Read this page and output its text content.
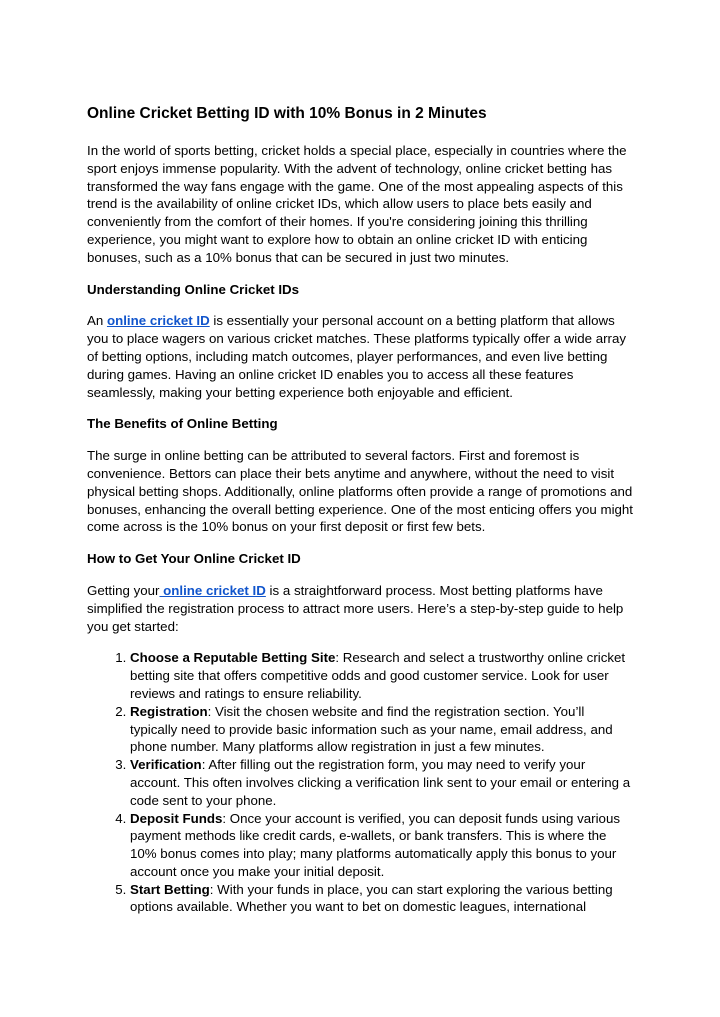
Online Cricket Betting ID with 10% Bonus in 2 Minutes

In the world of sports betting, cricket holds a special place, especially in countries where the sport enjoys immense popularity. With the advent of technology, online cricket betting has transformed the way fans engage with the game. One of the most appealing aspects of this trend is the availability of online cricket IDs, which allow users to place bets easily and conveniently from the comfort of their homes. If you're considering joining this thrilling experience, you might want to explore how to obtain an online cricket ID with enticing bonuses, such as a 10% bonus that can be secured in just two minutes.

Understanding Online Cricket IDs

An online cricket ID is essentially your personal account on a betting platform that allows you to place wagers on various cricket matches. These platforms typically offer a wide array of betting options, including match outcomes, player performances, and even live betting during games. Having an online cricket ID enables you to access all these features seamlessly, making your betting experience both enjoyable and efficient.

The Benefits of Online Betting

The surge in online betting can be attributed to several factors. First and foremost is convenience. Bettors can place their bets anytime and anywhere, without the need to visit physical betting shops. Additionally, online platforms often provide a range of promotions and bonuses, enhancing the overall betting experience. One of the most enticing offers you might come across is the 10% bonus on your first deposit or first few bets.

How to Get Your Online Cricket ID

Getting your online cricket ID is a straightforward process. Most betting platforms have simplified the registration process to attract more users. Here’s a step-by-step guide to help you get started:

1. Choose a Reputable Betting Site: Research and select a trustworthy online cricket betting site that offers competitive odds and good customer service. Look for user reviews and ratings to ensure reliability.
2. Registration: Visit the chosen website and find the registration section. You’ll typically need to provide basic information such as your name, email address, and phone number. Many platforms allow registration in just a few minutes.
3. Verification: After filling out the registration form, you may need to verify your account. This often involves clicking a verification link sent to your email or entering a code sent to your phone.
4. Deposit Funds: Once your account is verified, you can deposit funds using various payment methods like credit cards, e-wallets, or bank transfers. This is where the 10% bonus comes into play; many platforms automatically apply this bonus to your account once you make your initial deposit.
5. Start Betting: With your funds in place, you can start exploring the various betting options available. Whether you want to bet on domestic leagues, international
